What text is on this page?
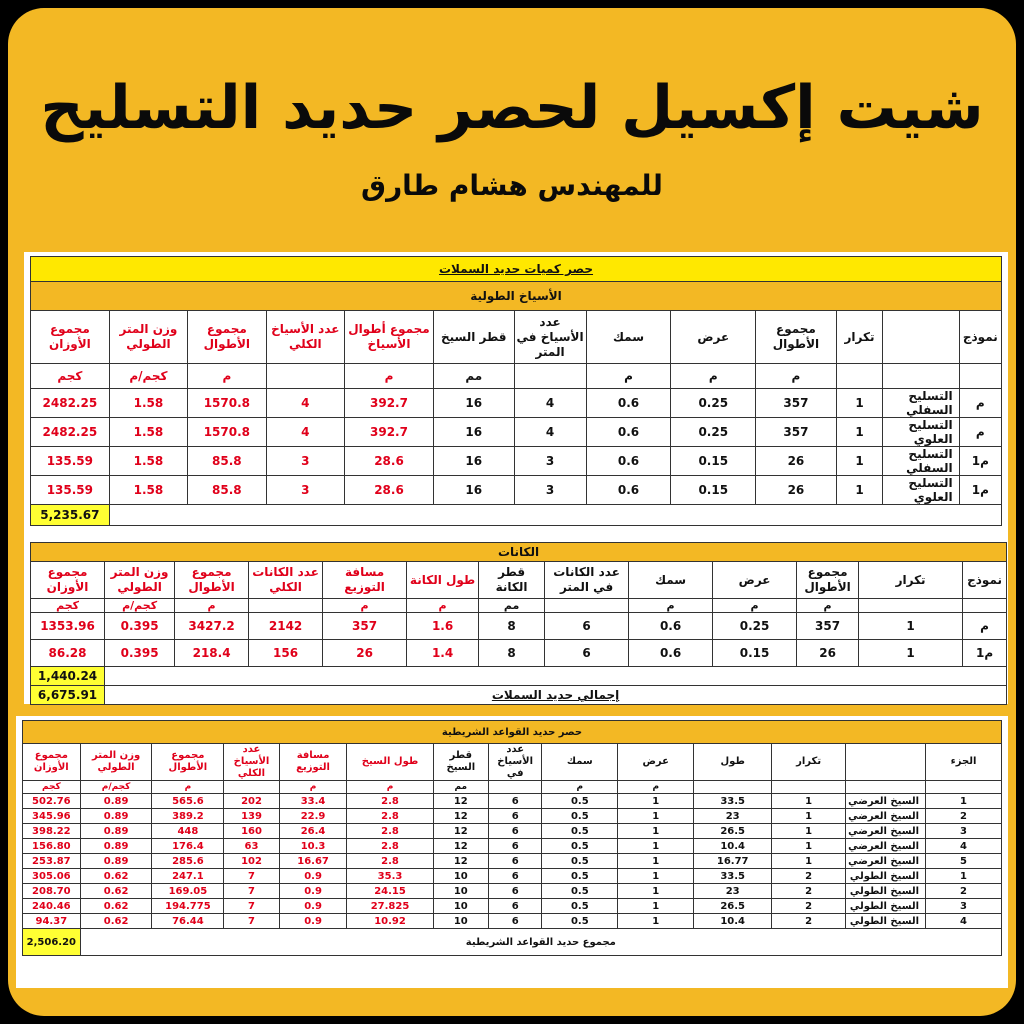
شيت إكسيل لحصر حديد التسليح
للمهندس هشام طارق
حصر كميات حديد السملات												
الأسياخ الطولية												
نموذج		تكرار	مجموع الأطوال	عرض	سمك	عدد الأسياخ في المتر	قطر السيخ	مجموع أطوال الأسياخ	عدد الأسياخ الكلي	مجموع الأطوال	وزن المتر الطولي	مجموع الأوزان
			م	م	م		مم	م		م	كجم/م	كجم
م	التسليح السفلي	1	357	0.25	0.6	4	16	392.7	4	1570.8	1.58	2482.25
م	التسليح العلوي	1	357	0.25	0.6	4	16	392.7	4	1570.8	1.58	2482.25
م1	التسليح السفلي	1	26	0.15	0.6	3	16	28.6	3	85.8	1.58	135.59
م1	التسليح العلوي	1	26	0.15	0.6	3	16	28.6	3	85.8	1.58	135.59
												5,235.67
الكانات												
نموذج	تكرار	مجموع الأطوال	عرض	سمك	عدد الكانات في المتر	قطر الكانة	طول الكانة	مسافة التوزيع	عدد الكانات الكلي	مجموع الأطوال	وزن المتر الطولي	مجموع الأوزان
		م	م	م		مم	م	م		م	كجم/م	كجم
م	1	357	0.25	0.6	6	8	1.6	357	2142	3427.2	0.395	1353.96
م1	1	26	0.15	0.6	6	8	1.4	26	156	218.4	0.395	86.28
												1,440.24
إجمالي حديد السملات												6,675.91
حصر حديد القواعد الشريطية													
الجزء		تكرار	طول	عرض	سمك	عدد الأسياخ في	قطر السيخ	طول السيخ	مسافة التوزيع	عدد الأسياخ الكلي	مجموع الأطوال	وزن المتر الطولي	مجموع الأوزان
				م	م		مم	م	م		م	كجم/م	كجم
1	السيخ العرضي	1	33.5	1	0.5	6	12	2.8	33.4	202	565.6	0.89	502.76
2	السيخ العرضي	1	23	1	0.5	6	12	2.8	22.9	139	389.2	0.89	345.96
3	السيخ العرضي	1	26.5	1	0.5	6	12	2.8	26.4	160	448	0.89	398.22
4	السيخ العرضي	1	10.4	1	0.5	6	12	2.8	10.3	63	176.4	0.89	156.80
5	السيخ العرضي	1	16.77	1	0.5	6	12	2.8	16.67	102	285.6	0.89	253.87
1	السيخ الطولي	2	33.5	1	0.5	6	10	35.3	0.9	7	247.1	0.62	305.06
2	السيخ الطولي	2	23	1	0.5	6	10	24.15	0.9	7	169.05	0.62	208.70
3	السيخ الطولي	2	26.5	1	0.5	6	10	27.825	0.9	7	194.775	0.62	240.46
4	السيخ الطولي	2	10.4	1	0.5	6	10	10.92	0.9	7	76.44	0.62	94.37
مجموع حديد القواعد الشريطية													2,506.20
